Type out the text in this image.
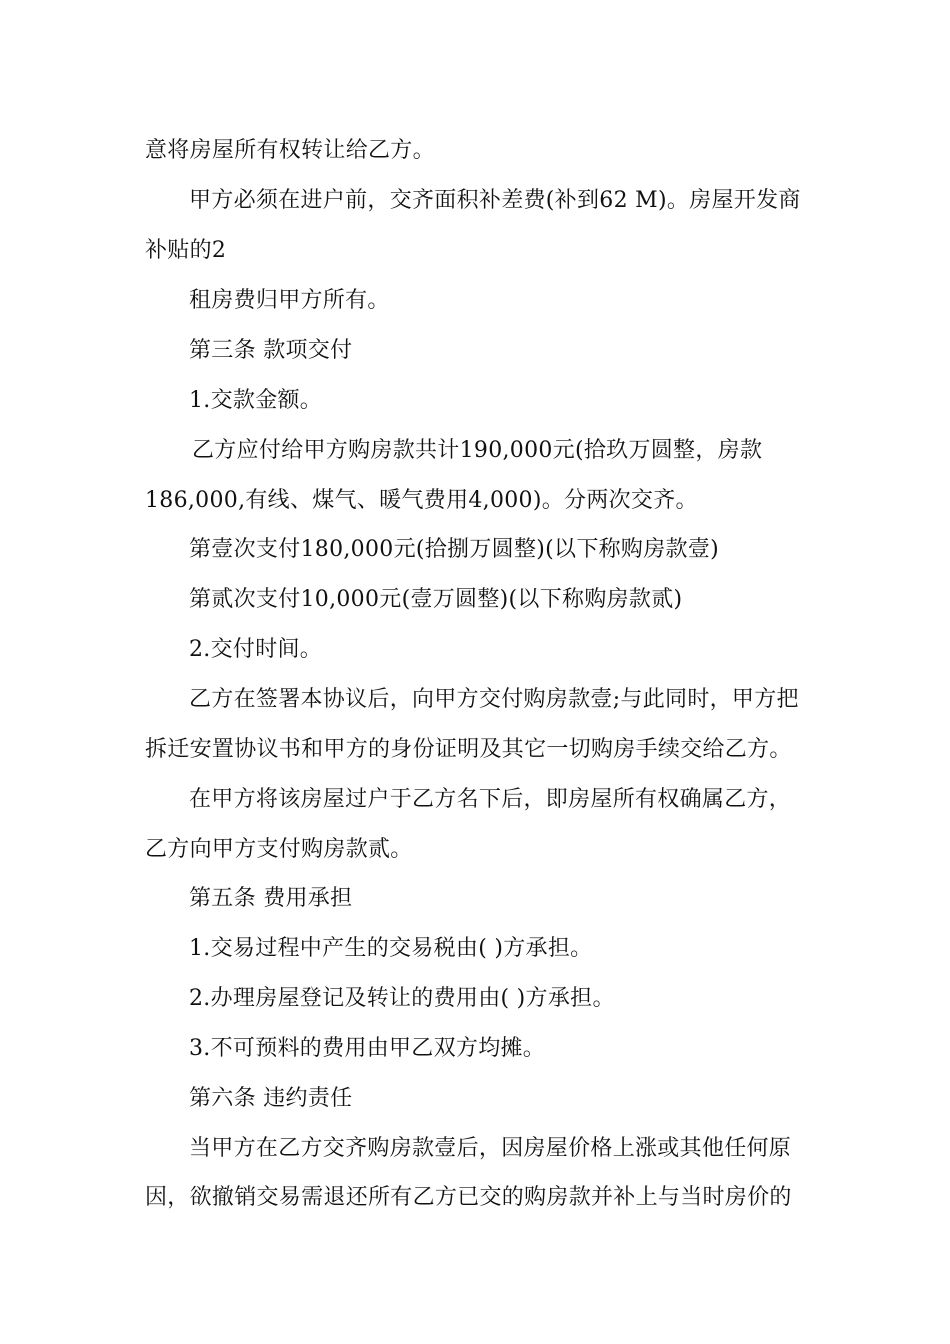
意将房屋所有权转让给乙方。
甲方必须在进户前，交齐面积补差费(补到62 M)。房屋开发商
补贴的2
租房费归甲方所有。
第三条 款项交付
1.交款金额。
乙方应付给甲方购房款共计190,000元(拾玖万圆整，房款
186,000,有线、煤气、暖气费用4,000)。分两次交齐。
第壹次支付180,000元(拾捌万圆整)(以下称购房款壹)
第贰次支付10,000元(壹万圆整)(以下称购房款贰)
2.交付时间。
乙方在签署本协议后，向甲方交付购房款壹;与此同时，甲方把
拆迁安置协议书和甲方的身份证明及其它一切购房手续交给乙方。
在甲方将该房屋过户于乙方名下后，即房屋所有权确属乙方，
乙方向甲方支付购房款贰。
第五条 费用承担
1.交易过程中产生的交易税由( )方承担。
2.办理房屋登记及转让的费用由( )方承担。
3.不可预料的费用由甲乙双方均摊。
第六条 违约责任
当甲方在乙方交齐购房款壹后，因房屋价格上涨或其他任何原
因，欲撤销交易需退还所有乙方已交的购房款并补上与当时房价的
